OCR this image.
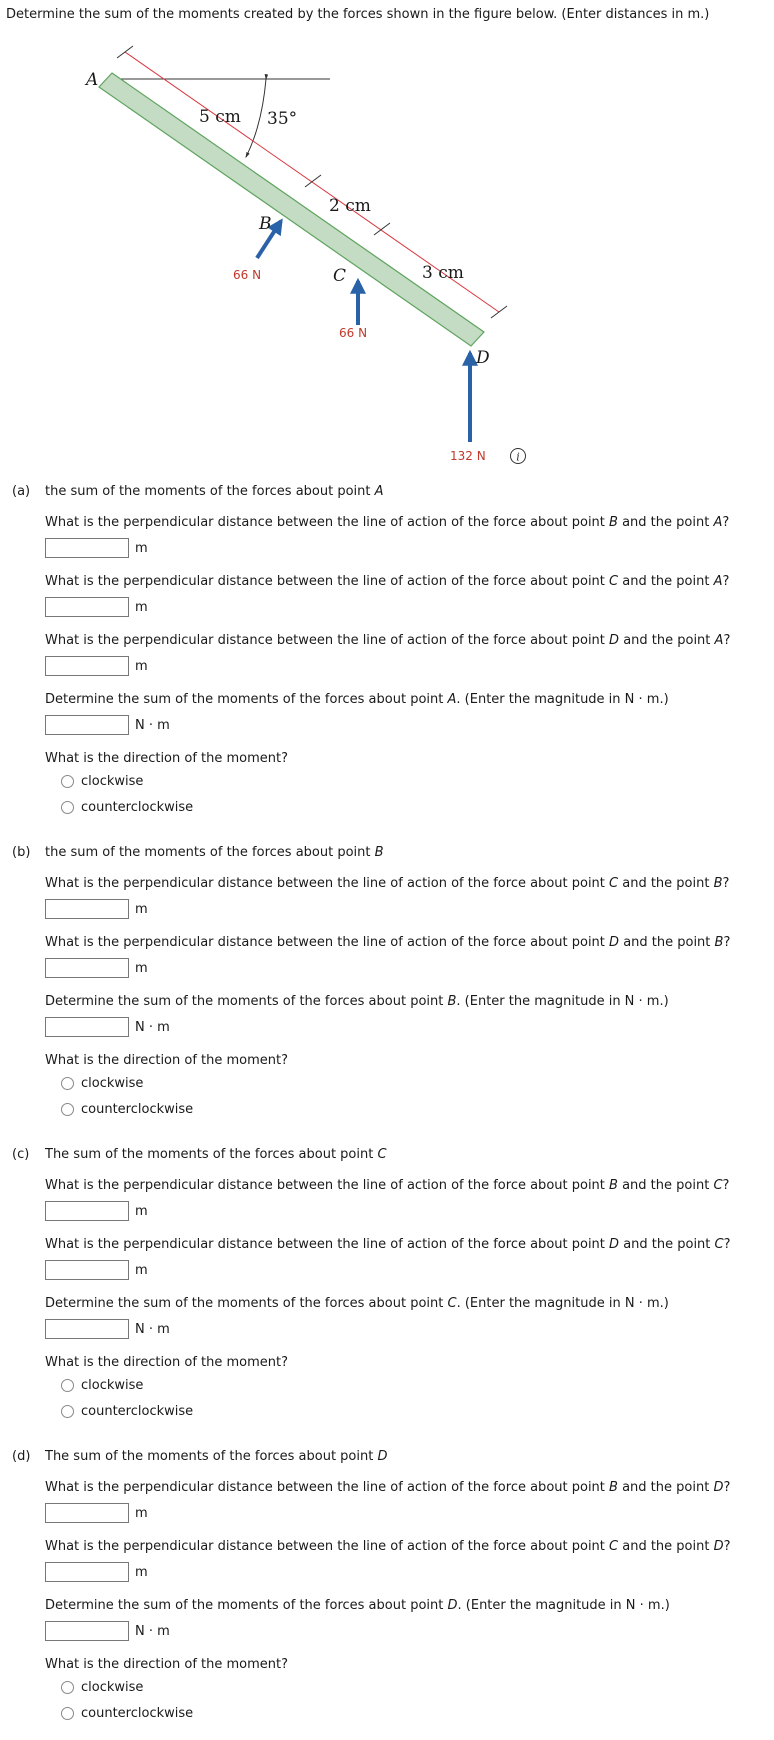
Determine the sum of the moments created by the forces shown in the figure below. (Enter distances in m.)
A
B
C
D
5 cm
2 cm
3 cm
35°
66 N
66 N
132 N	i
(a) the sum of the moments of the forces about point A
What is the perpendicular distance between the line of action of the force about point B and the point A?
m
What is the perpendicular distance between the line of action of the force about point C and the point A?
m
What is the perpendicular distance between the line of action of the force about point D and the point A?
m
Determine the sum of the moments of the forces about point A. (Enter the magnitude in N · m.)
N · m
What is the direction of the moment?
clockwise
counterclockwise
(b) the sum of the moments of the forces about point B
What is the perpendicular distance between the line of action of the force about point C and the point B?
m
What is the perpendicular distance between the line of action of the force about point D and the point B?
m
Determine the sum of the moments of the forces about point B. (Enter the magnitude in N · m.)
N · m
What is the direction of the moment?
clockwise
counterclockwise
(c) The sum of the moments of the forces about point C
What is the perpendicular distance between the line of action of the force about point B and the point C?
m
What is the perpendicular distance between the line of action of the force about point D and the point C?
m
Determine the sum of the moments of the forces about point C. (Enter the magnitude in N · m.)
N · m
What is the direction of the moment?
clockwise
counterclockwise
(d) The sum of the moments of the forces about point D
What is the perpendicular distance between the line of action of the force about point B and the point D?
m
What is the perpendicular distance between the line of action of the force about point C and the point D?
m
Determine the sum of the moments of the forces about point D. (Enter the magnitude in N · m.)
N · m
What is the direction of the moment?
clockwise
counterclockwise
